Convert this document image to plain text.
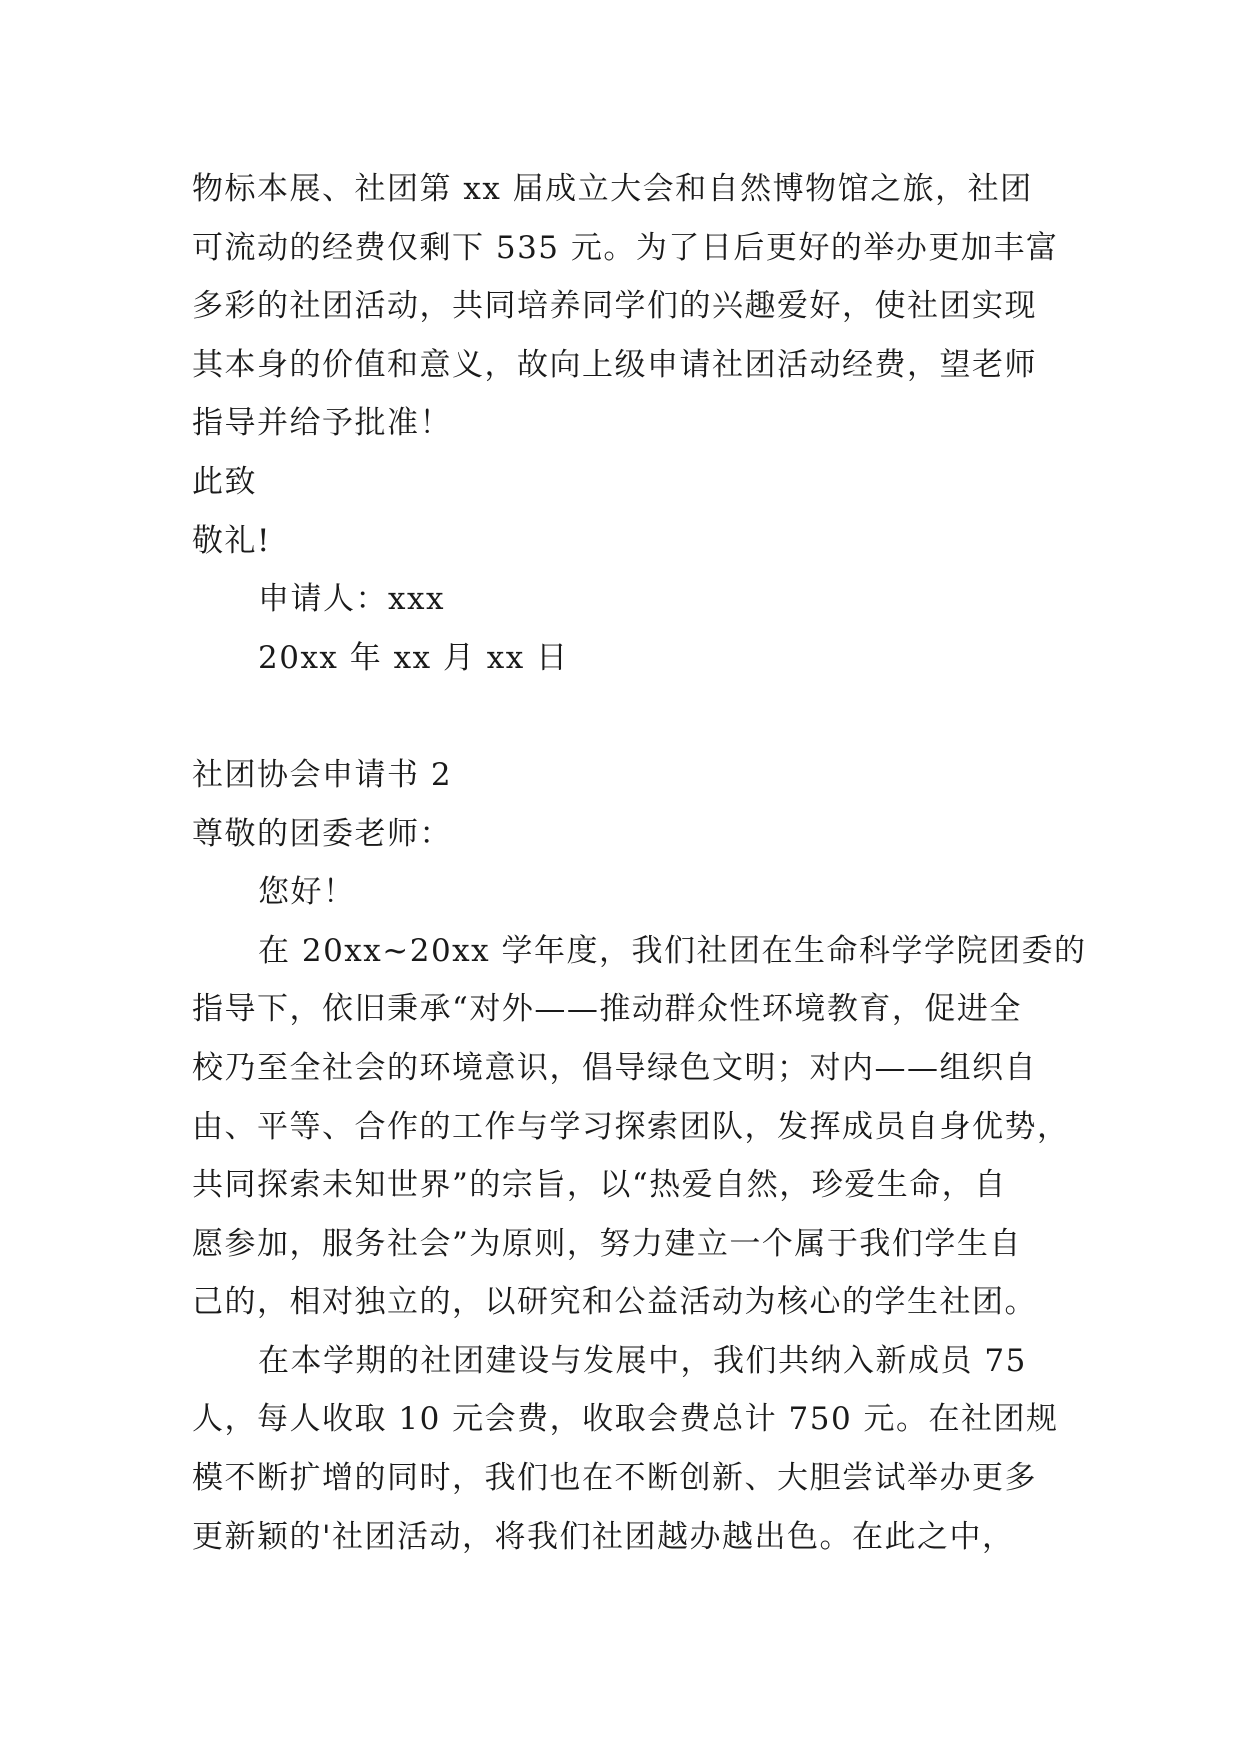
物标本展、社团第 xx 届成立大会和自然博物馆之旅，社团
可流动的经费仅剩下 535 元。为了日后更好的举办更加丰富
多彩的社团活动，共同培养同学们的兴趣爱好，使社团实现
其本身的价值和意义，故向上级申请社团活动经费，望老师
指导并给予批准！
此致
敬礼!
申请人：xxx
20xx 年 xx 月 xx 日
社团协会申请书 2
尊敬的团委老师：
您好！
在 20xx~20xx 学年度，我们社团在生命科学学院团委的
指导下，依旧秉承“对外——推动群众性环境教育，促进全
校乃至全社会的环境意识，倡导绿色文明；对内——组织自
由、平等、合作的工作与学习探索团队，发挥成员自身优势，
共同探索未知世界”的宗旨，以“热爱自然，珍爱生命，自
愿参加，服务社会”为原则，努力建立一个属于我们学生自
己的，相对独立的，以研究和公益活动为核心的学生社团。
在本学期的社团建设与发展中，我们共纳入新成员 75
人，每人收取 10 元会费，收取会费总计 750 元。在社团规
模不断扩增的同时，我们也在不断创新、大胆尝试举办更多
更新颖的'社团活动，将我们社团越办越出色。在此之中，
